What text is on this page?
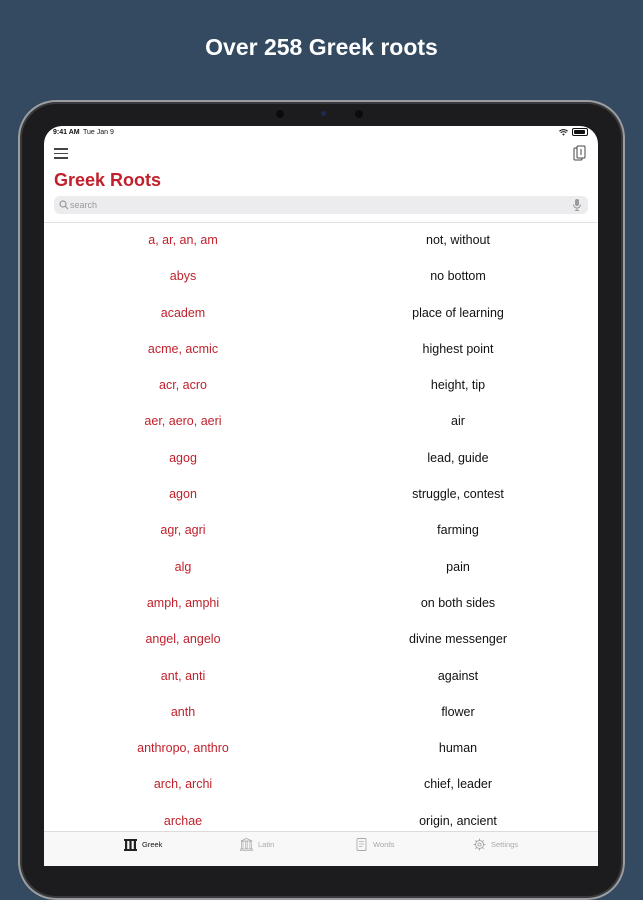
Over 258 Greek roots
9:41 AM Tue Jan 9
Greek Roots
search
a, ar, an, am	not, without
abys	no bottom
academ	place of learning
acme, acmic	highest point
acr, acro	height, tip
aer, aero, aeri	air
agog	lead, guide
agon	struggle, contest
agr, agri	farming
alg	pain
amph, amphi	on both sides
angel, angelo	divine messenger
ant, anti	against
anth	flower
anthropo, anthro	human
arch, archi	chief, leader
archae	origin, ancient
Greek	Latin	Words	Settings
